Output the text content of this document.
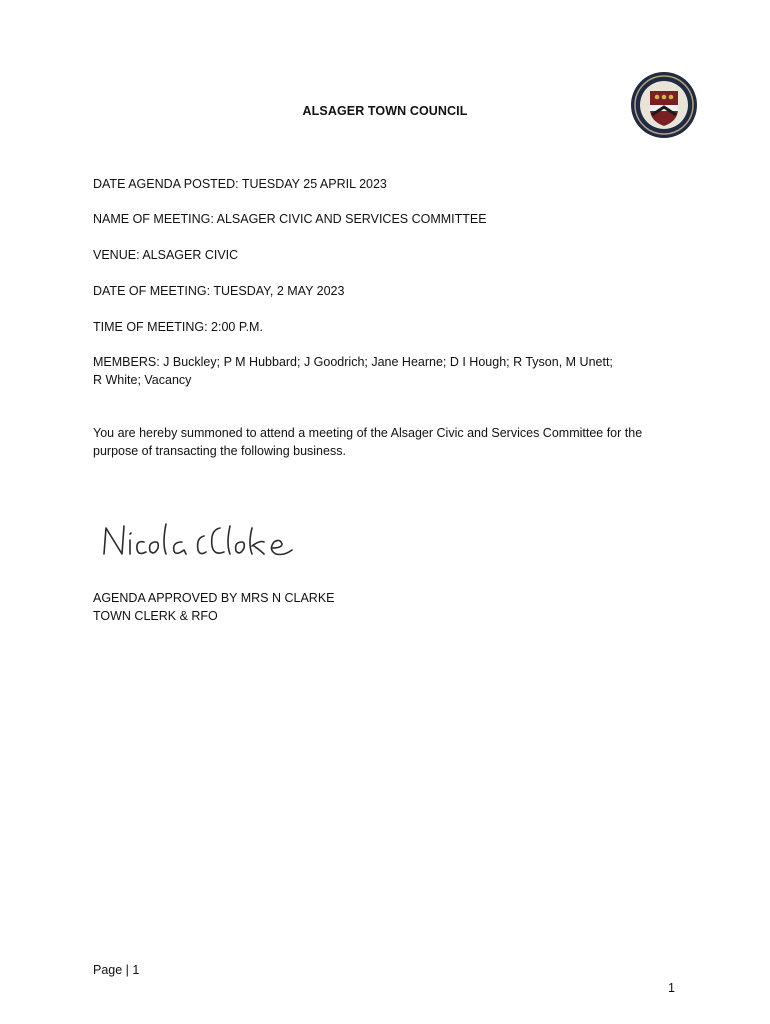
ALSAGER TOWN COUNCIL
DATE AGENDA POSTED: TUESDAY 25 APRIL 2023
NAME OF MEETING: ALSAGER CIVIC AND SERVICES COMMITTEE
VENUE: ALSAGER CIVIC
DATE OF MEETING: TUESDAY, 2 MAY 2023
TIME OF MEETING: 2:00 P.M.
MEMBERS: J Buckley; P M Hubbard; J Goodrich; Jane Hearne; D I Hough; R Tyson, M Unett;
R White; Vacancy
You are hereby summoned to attend a meeting of the Alsager Civic and Services Committee for the purpose of transacting the following business.
AGENDA APPROVED BY MRS N CLARKE
TOWN CLERK & RFO
Page | 1
1
